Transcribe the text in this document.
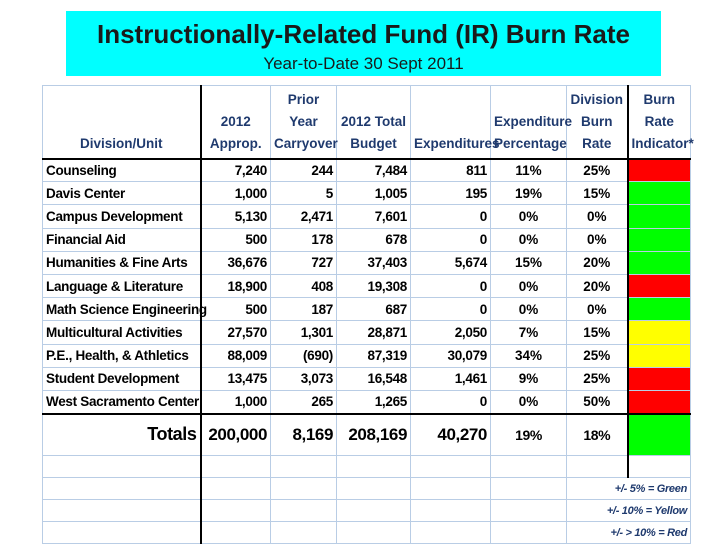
Instructionally-Related Fund (IR) Burn Rate
Year-to-Date 30 Sept 2011
Division/Unit	2012 Approp.	Prior Year Carryover	2012 Total Budget	Expenditures	Expenditure Percentage	Division Burn Rate	Burn Rate Indicator*
Counseling	7,240	244	7,484	811	11%	25%	
Davis Center	1,000	5	1,005	195	19%	15%	
Campus Development	5,130	2,471	7,601	0	0%	0%	
Financial Aid	500	178	678	0	0%	0%	
Humanities & Fine Arts	36,676	727	37,403	5,674	15%	20%	
Language & Literature	18,900	408	19,308	0	0%	20%	
Math Science Engineering	500	187	687	0	0%	0%	
Multicultural Activities	27,570	1,301	28,871	2,050	7%	15%	
P.E., Health, & Athletics	88,009	(690)	87,319	30,079	34%	25%	
Student Development	13,475	3,073	16,548	1,461	9%	25%	
West Sacramento Center	1,000	265	1,265	0	0%	50%	
Totals	200,000	8,169	208,169	40,270	19%	18%	

						+/- 5% = Green	
						+/- 10% = Yellow	
						+/- > 10% = Red	
